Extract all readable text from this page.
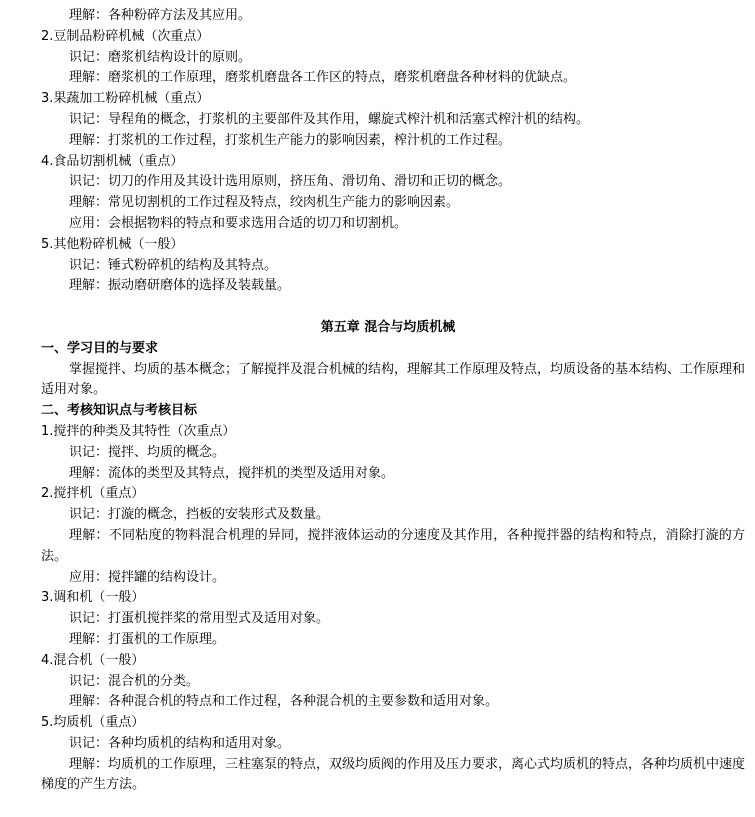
理解：各种粉碎方法及其应用。
2.豆制品粉碎机械（次重点）
识记：磨浆机结构设计的原则。
理解：磨浆机的工作原理，磨浆机磨盘各工作区的特点，磨浆机磨盘各种材料的优缺点。
3.果蔬加工粉碎机械（重点）
识记：导程角的概念，打浆机的主要部件及其作用，螺旋式榨汁机和活塞式榨汁机的结构。
理解：打浆机的工作过程，打浆机生产能力的影响因素，榨汁机的工作过程。
4.食品切割机械（重点）
识记：切刀的作用及其设计选用原则，挤压角、滑切角、滑切和正切的概念。
理解：常见切割机的工作过程及特点，绞肉机生产能力的影响因素。
应用：会根据物料的特点和要求选用合适的切刀和切割机。
5.其他粉碎机械（一般）
识记：锤式粉碎机的结构及其特点。
理解：振动磨研磨体的选择及装载量。
第五章 混合与均质机械
一、学习目的与要求
掌握搅拌、均质的基本概念；了解搅拌及混合机械的结构，理解其工作原理及特点，均质设备的基本结构、工作原理和适用对象。
二、考核知识点与考核目标
1.搅拌的种类及其特性（次重点）
识记：搅拌、均质的概念。
理解：流体的类型及其特点，搅拌机的类型及适用对象。
2.搅拌机（重点）
识记：打漩的概念，挡板的安装形式及数量。
理解：不同粘度的物料混合机理的异同，搅拌液体运动的分速度及其作用，各种搅拌器的结构和特点，消除打漩的方法。
应用：搅拌罐的结构设计。
3.调和机（一般）
识记：打蛋机搅拌桨的常用型式及适用对象。
理解：打蛋机的工作原理。
4.混合机（一般）
识记：混合机的分类。
理解：各种混合机的特点和工作过程，各种混合机的主要参数和适用对象。
5.均质机（重点）
识记：各种均质机的结构和适用对象。
理解：均质机的工作原理，三柱塞泵的特点，双级均质阀的作用及压力要求，离心式均质机的特点，各种均质机中速度梯度的产生方法。
